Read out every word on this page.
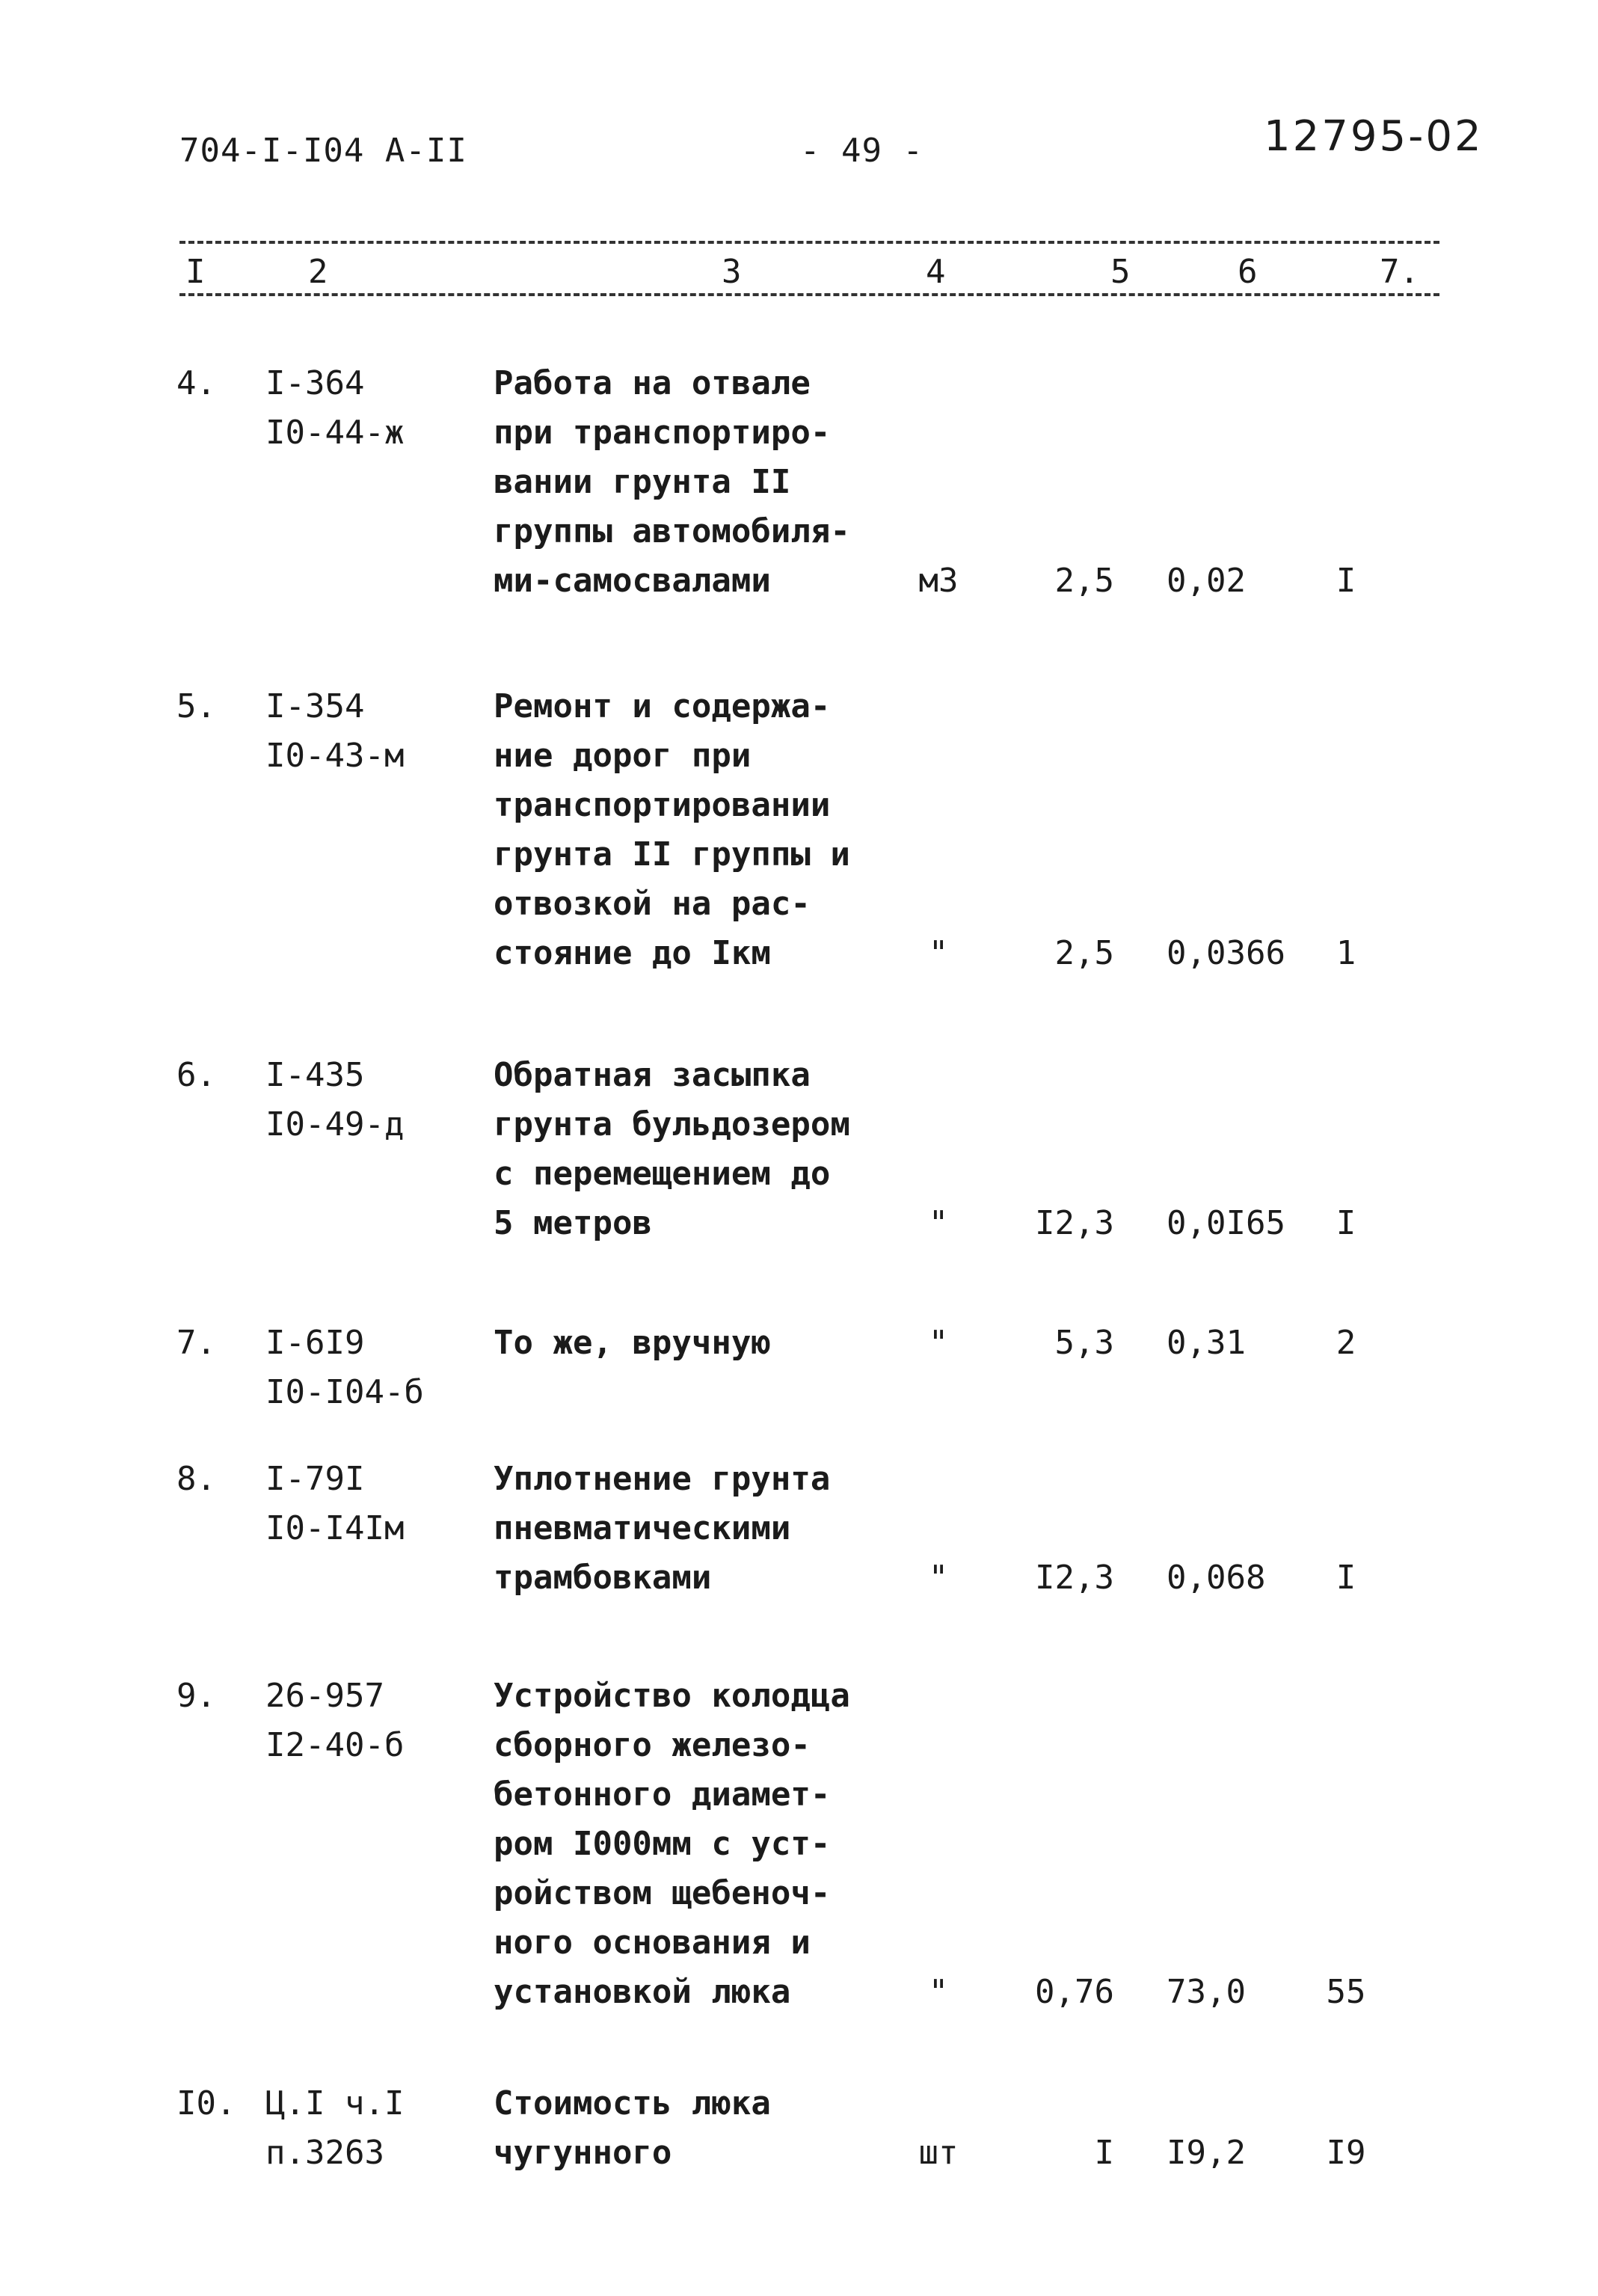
704-I-I04 А-II	- 49 -	12795-02
I	2	3	4	5	6	7.
4. I-364
I0-44-ж
Работа на отвале
при транспортиро-
вании грунта II
группы автомобиля-
ми-самосвалами	м3	2,5 0,02	I
5. I-354
I0-43-м
Ремонт и содержа-
ние дорог при
транспортировании
грунта II группы и
отвозкой на рас-
стояние до Iкм	"	2,5 0,0366	1
6. I-435
I0-49-д
Обратная засыпка
грунта бульдозером
с перемещением до
5 метров	"	I2,3 0,0I65	I
7. I-6I9
I0-I04-б
То же, вручную	"	5,3 0,31	2
8. I-79I
I0-I4Iм
Уплотнение грунта
пневматическими
трамбовками	"	I2,3 0,068	I
9. 26-957
I2-40-б
Устройство колодца
сборного железо-
бетонного диамет-
ром I000мм с уст-
ройством щебеноч-
ного основания и
установкой люка	"	0,76 73,0	55
I0. Ц.I ч.I
п.3263
Стоимость люка
чугунного	шт	I I9,2	I9
